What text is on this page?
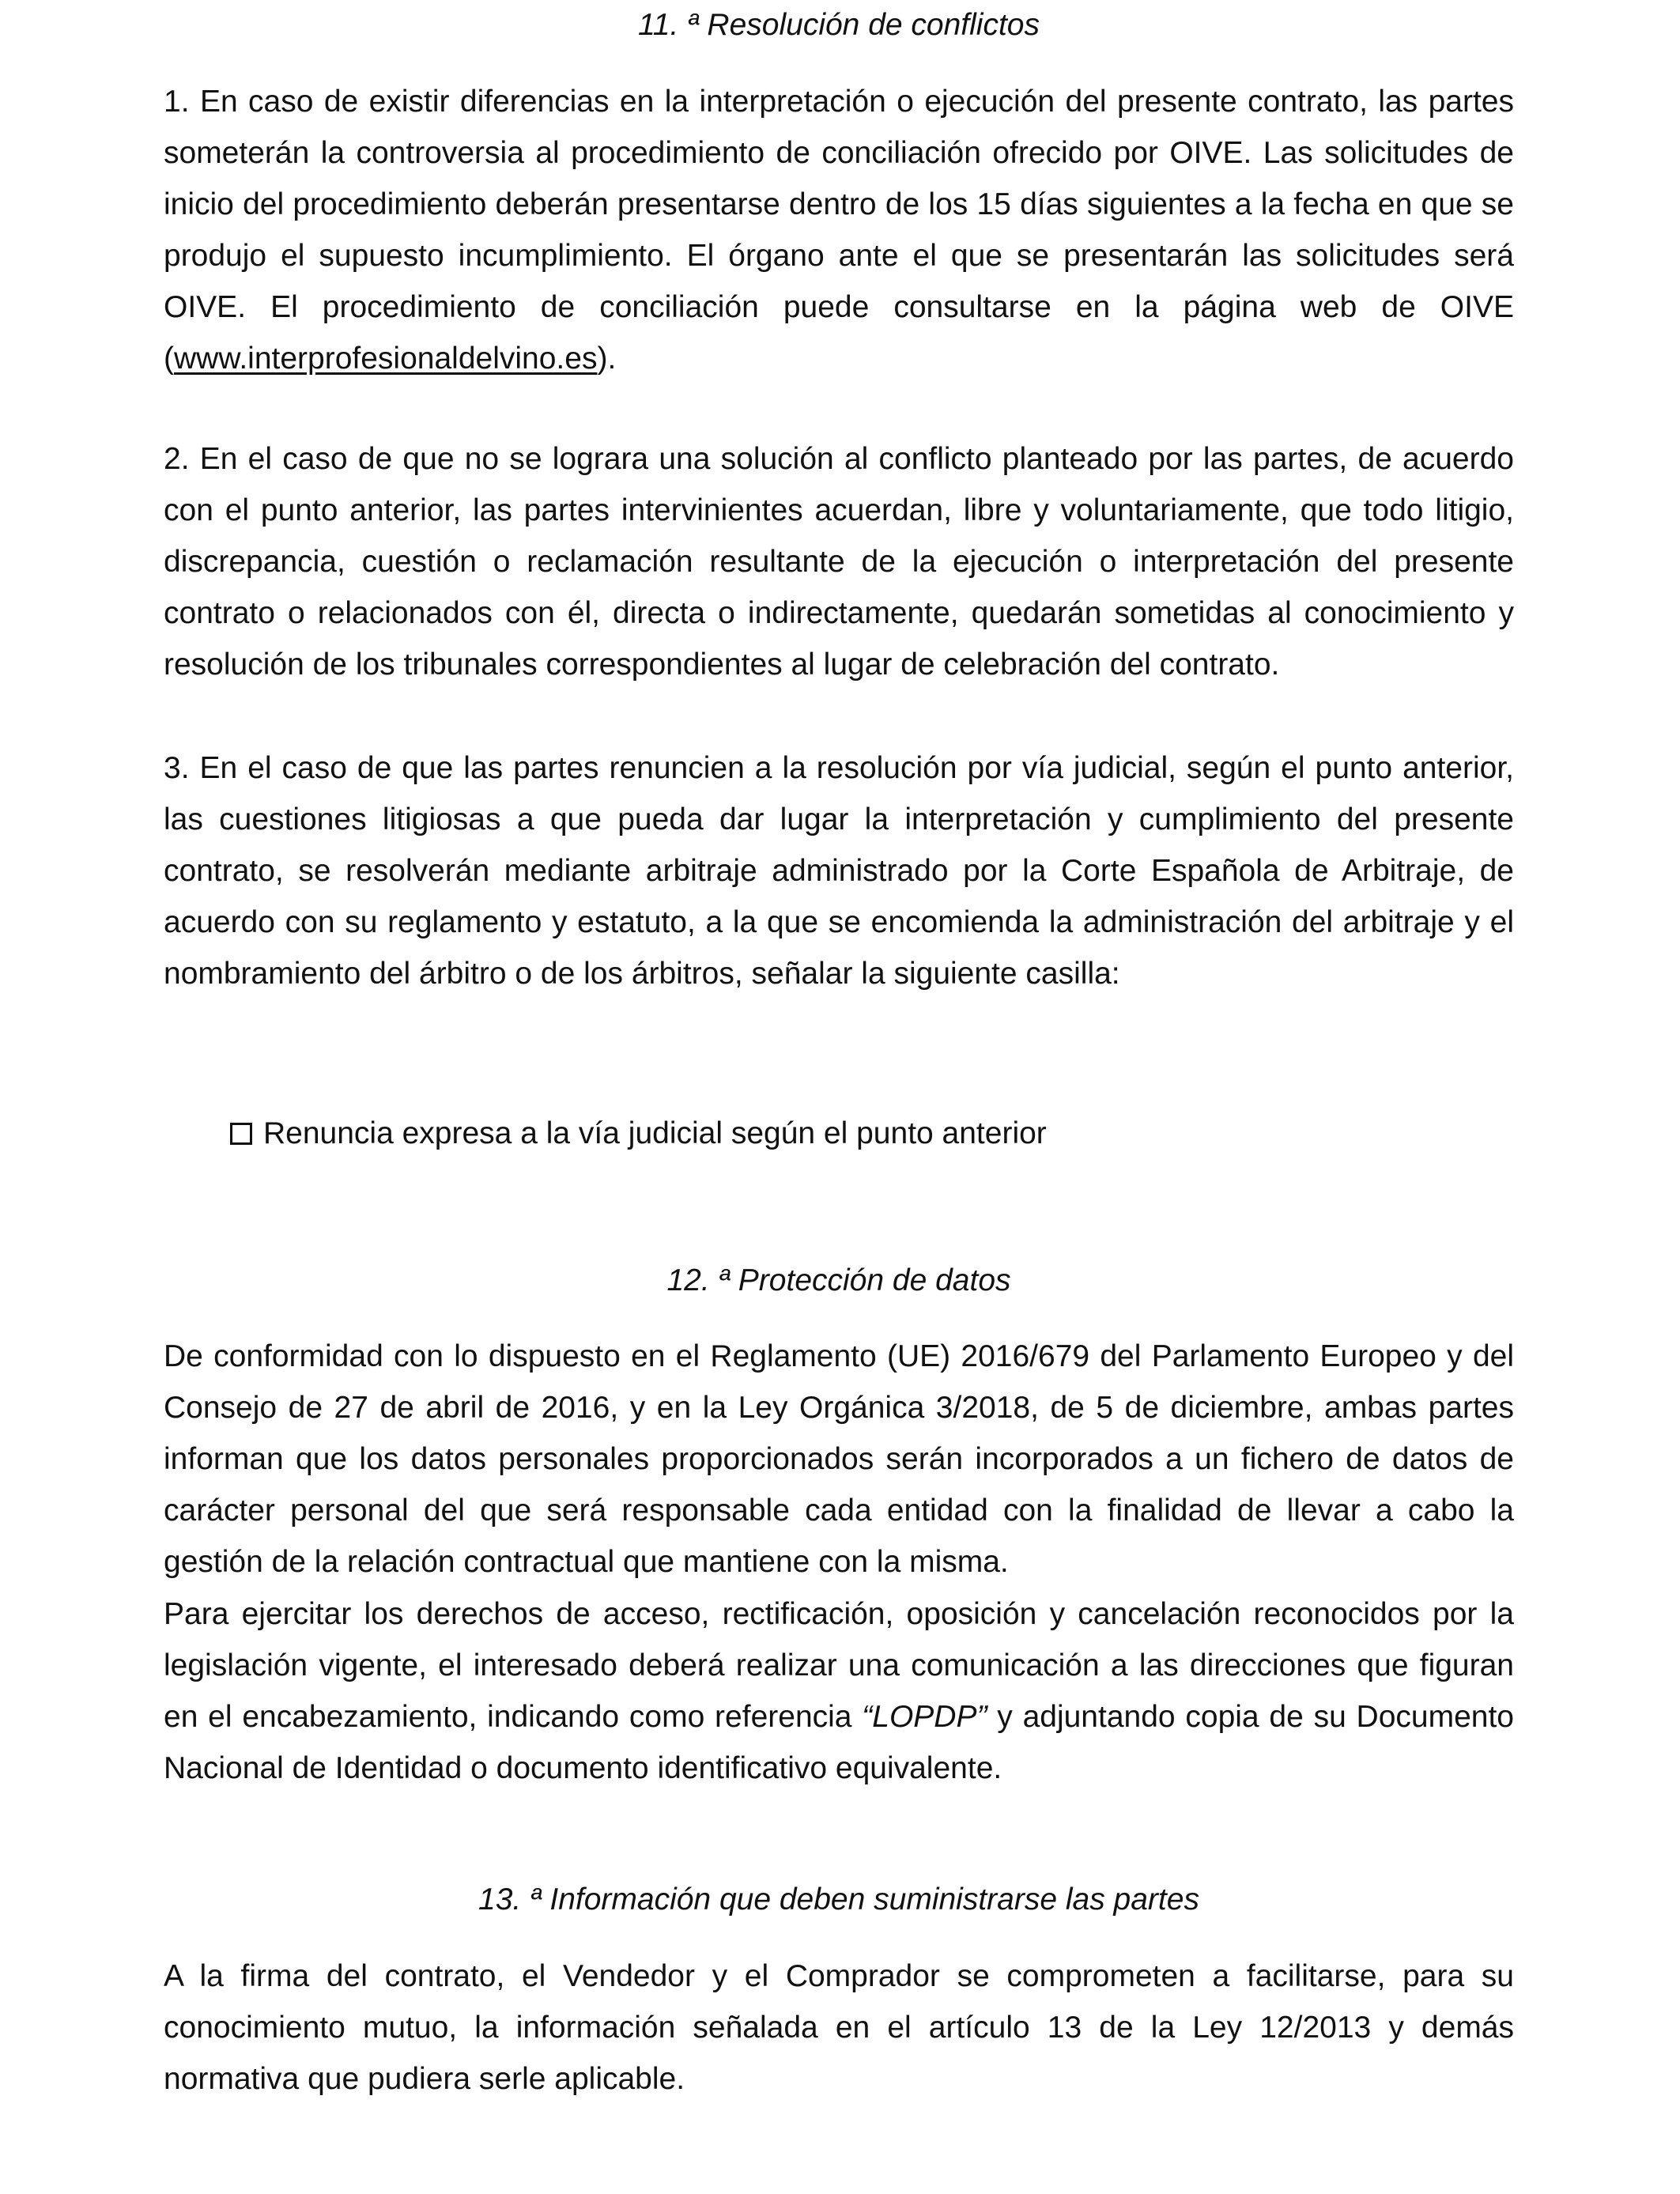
11. ª Resolución de conflictos

1. En caso de existir diferencias en la interpretación o ejecución del presente contrato, las partes someterán la controversia al procedimiento de conciliación ofrecido por OIVE. Las solicitudes de inicio del procedimiento deberán presentarse dentro de los 15 días siguientes a la fecha en que se produjo el supuesto incumplimiento. El órgano ante el que se presentarán las solicitudes será OIVE. El procedimiento de conciliación puede consultarse en la página web de OIVE (www.interprofesionaldelvino.es).

2. En el caso de que no se lograra una solución al conflicto planteado por las partes, de acuerdo con el punto anterior, las partes intervinientes acuerdan, libre y voluntariamente, que todo litigio, discrepancia, cuestión o reclamación resultante de la ejecución o interpretación del presente contrato o relacionados con él, directa o indirectamente, quedarán sometidas al conocimiento y resolución de los tribunales correspondientes al lugar de celebración del contrato.

3. En el caso de que las partes renuncien a la resolución por vía judicial, según el punto anterior, las cuestiones litigiosas a que pueda dar lugar la interpretación y cumplimiento del presente contrato, se resolverán mediante arbitraje administrado por la Corte Española de Arbitraje, de acuerdo con su reglamento y estatuto, a la que se encomienda la administración del arbitraje y el nombramiento del árbitro o de los árbitros, señalar la siguiente casilla:

Renuncia expresa a la vía judicial según el punto anterior
12. ª Protección de datos

De conformidad con lo dispuesto en el Reglamento (UE) 2016/679 del Parlamento Europeo y del Consejo de 27 de abril de 2016, y en la Ley Orgánica 3/2018, de 5 de diciembre, ambas partes informan que los datos personales proporcionados serán incorporados a un fichero de datos de carácter personal del que será responsable cada entidad con la finalidad de llevar a cabo la gestión de la relación contractual que mantiene con la misma.

Para ejercitar los derechos de acceso, rectificación, oposición y cancelación reconocidos por la legislación vigente, el interesado deberá realizar una comunicación a las direcciones que figuran en el encabezamiento, indicando como referencia “LOPDP” y adjuntando copia de su Documento Nacional de Identidad o documento identificativo equivalente.

13. ª Información que deben suministrarse las partes

A la firma del contrato, el Vendedor y el Comprador se comprometen a facilitarse, para su conocimiento mutuo, la información señalada en el artículo 13 de la Ley 12/2013 y demás normativa que pudiera serle aplicable.
